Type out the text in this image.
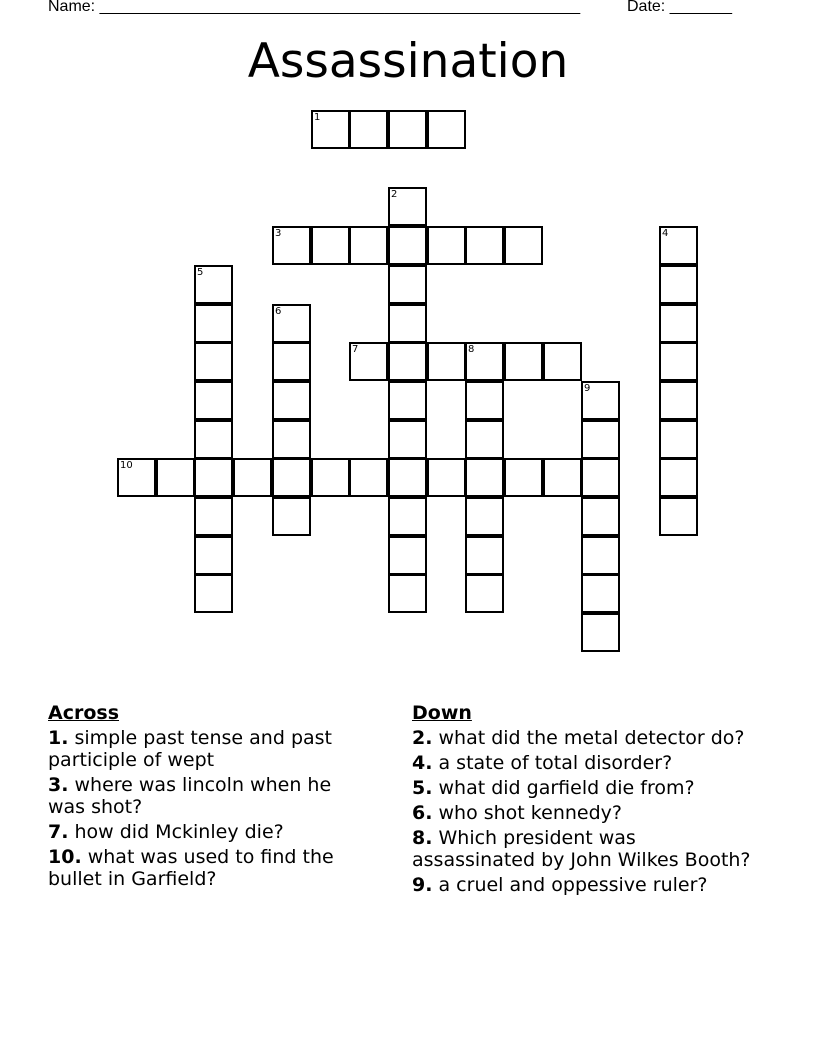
Name: ______________________________________________________	Date: _______
Assassination
1
2
3	4
5
6
7	8
9
10
Across
1. simple past tense and past participle of wept
3. where was lincoln when he was shot?
7. how did Mckinley die?
10. what was used to find the bullet in Garfield?
Down
2. what did the metal detector do?
4. a state of total disorder?
5. what did garfield die from?
6. who shot kennedy?
8. Which president was assassinated by John Wilkes Booth?
9. a cruel and oppessive ruler?
